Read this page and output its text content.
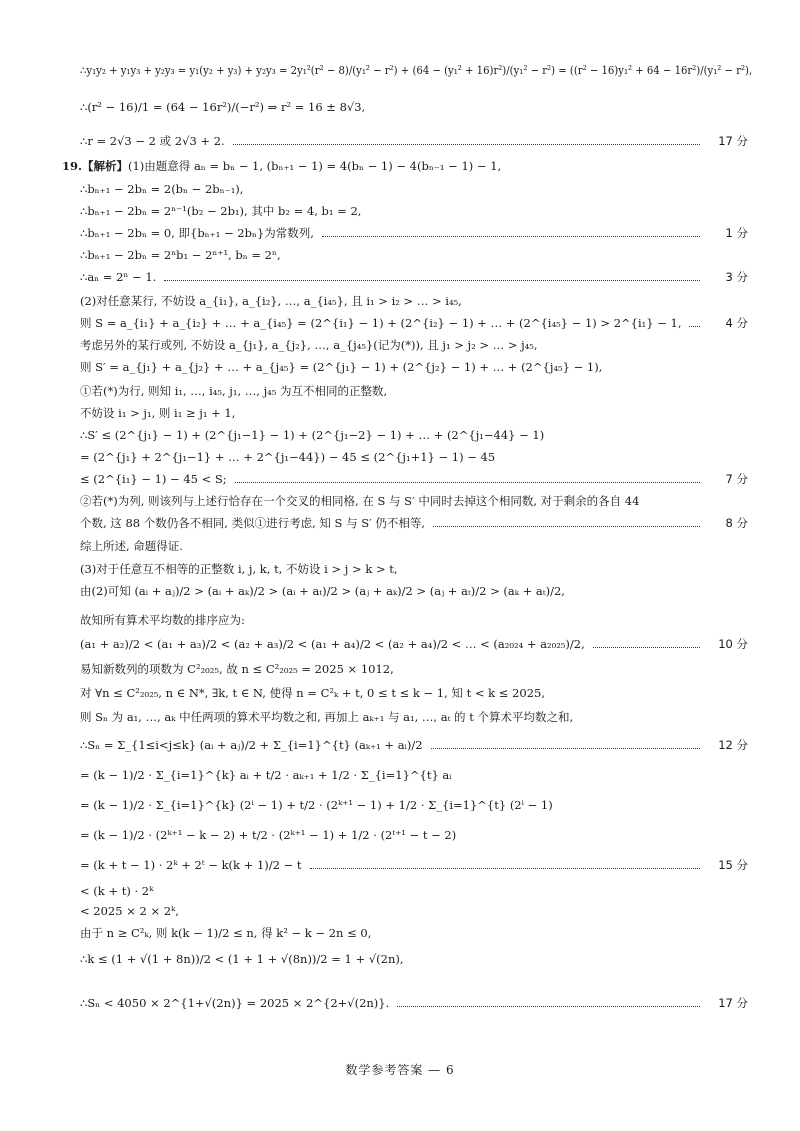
∴y₁y₂ + y₁y₃ + y₂y₃ = y₁(y₂ + y₃) + y₂y₃ = 2y₁²(r² − 8)/(y₁² − r²) + (64 − (y₁² + 16)r²)/(y₁² − r²) = ((r² − 16)y₁² + 64 − 16r²)/(y₁² − r²),
∴(r² − 16)/1 = (64 − 16r²)/(−r²) ⇒ r² = 16 ± 8√3,
∴r = 2√3 − 2 或 2√3 + 2.	17 分
19.【解析】 (1)由题意得 aₙ = bₙ − 1, (bₙ₊₁ − 1) = 4(bₙ − 1) − 4(bₙ₋₁ − 1) − 1,
∴bₙ₊₁ − 2bₙ = 2(bₙ − 2bₙ₋₁),
∴bₙ₊₁ − 2bₙ = 2ⁿ⁻¹(b₂ − 2b₁), 其中 b₂ = 4, b₁ = 2,
∴bₙ₊₁ − 2bₙ = 0, 即{bₙ₊₁ − 2bₙ}为常数列,	1 分
∴bₙ₊₁ − 2bₙ = 2ⁿb₁ − 2ⁿ⁺¹, bₙ = 2ⁿ,
∴aₙ = 2ⁿ − 1.	3 分
(2)对任意某行, 不妨设 a_{i₁}, a_{i₂}, …, a_{i₄₅}, 且 i₁ > i₂ > … > i₄₅,
则 S = a_{i₁} + a_{i₂} + … + a_{i₄₅} = (2^{i₁} − 1) + (2^{i₂} − 1) + … + (2^{i₄₅} − 1) > 2^{i₁} − 1,	4 分
考虑另外的某行或列, 不妨设 a_{j₁}, a_{j₂}, …, a_{j₄₅}(记为(*)), 且 j₁ > j₂ > … > j₄₅,
则 S′ = a_{j₁} + a_{j₂} + … + a_{j₄₅} = (2^{j₁} − 1) + (2^{j₂} − 1) + … + (2^{j₄₅} − 1),
①若(*)为行, 则知 i₁, …, i₄₅, j₁, …, j₄₅ 为互不相同的正整数,
不妨设 i₁ > j₁, 则 i₁ ≥ j₁ + 1,
∴S′ ≤ (2^{j₁} − 1) + (2^{j₁−1} − 1) + (2^{j₁−2} − 1) + … + (2^{j₁−44} − 1)
= (2^{j₁} + 2^{j₁−1} + … + 2^{j₁−44}) − 45 ≤ (2^{j₁+1} − 1) − 45
≤ (2^{i₁} − 1) − 45 < S;	7 分
②若(*)为列, 则该列与上述行恰存在一个交叉的相同格, 在 S 与 S′ 中同时去掉这个相同数, 对于剩余的各自 44
个数, 这 88 个数仍各不相同, 类似①进行考虑, 知 S 与 S′ 仍不相等,	8 分
综上所述, 命题得证.
(3)对于任意互不相等的正整数 i, j, k, t, 不妨设 i > j > k > t,
由(2)可知 (aᵢ + aⱼ)/2 > (aᵢ + aₖ)/2 > (aᵢ + aₜ)/2 > (aⱼ + aₖ)/2 > (aⱼ + aₜ)/2 > (aₖ + aₜ)/2,
故知所有算术平均数的排序应为:
(a₁ + a₂)/2 < (a₁ + a₃)/2 < (a₂ + a₃)/2 < (a₁ + a₄)/2 < (a₂ + a₄)/2 < … < (a₂₀₂₄ + a₂₀₂₅)/2,	10 分
易知新数列的项数为 C²₂₀₂₅, 故 n ≤ C²₂₀₂₅ = 2025 × 1012,
对 ∀n ≤ C²₂₀₂₅, n ∈ N*, ∃k, t ∈ N, 使得 n = C²ₖ + t, 0 ≤ t ≤ k − 1, 知 t < k ≤ 2025,
则 Sₙ 为 a₁, …, aₖ 中任两项的算术平均数之和, 再加上 aₖ₊₁ 与 a₁, …, aₜ 的 t 个算术平均数之和,
∴Sₙ = Σ_{1≤i<j≤k} (aᵢ + aⱼ)/2 + Σ_{i=1}^{t} (aₖ₊₁ + aᵢ)/2	12 分
= (k − 1)/2 · Σ_{i=1}^{k} aᵢ + t/2 · aₖ₊₁ + 1/2 · Σ_{i=1}^{t} aᵢ
= (k − 1)/2 · Σ_{i=1}^{k} (2ⁱ − 1) + t/2 · (2ᵏ⁺¹ − 1) + 1/2 · Σ_{i=1}^{t} (2ⁱ − 1)
= (k − 1)/2 · (2ᵏ⁺¹ − k − 2) + t/2 · (2ᵏ⁺¹ − 1) + 1/2 · (2ᵗ⁺¹ − t − 2)
= (k + t − 1) · 2ᵏ + 2ᵗ − k(k + 1)/2 − t	15 分
< (k + t) · 2ᵏ
< 2025 × 2 × 2ᵏ,
由于 n ≥ C²ₖ, 则 k(k − 1)/2 ≤ n, 得 k² − k − 2n ≤ 0,
∴k ≤ (1 + √(1 + 8n))/2 < (1 + 1 + √(8n))/2 = 1 + √(2n),
∴Sₙ < 4050 × 2^{1+√(2n)} = 2025 × 2^{2+√(2n)}.	17 分
数学参考答案 — 6
